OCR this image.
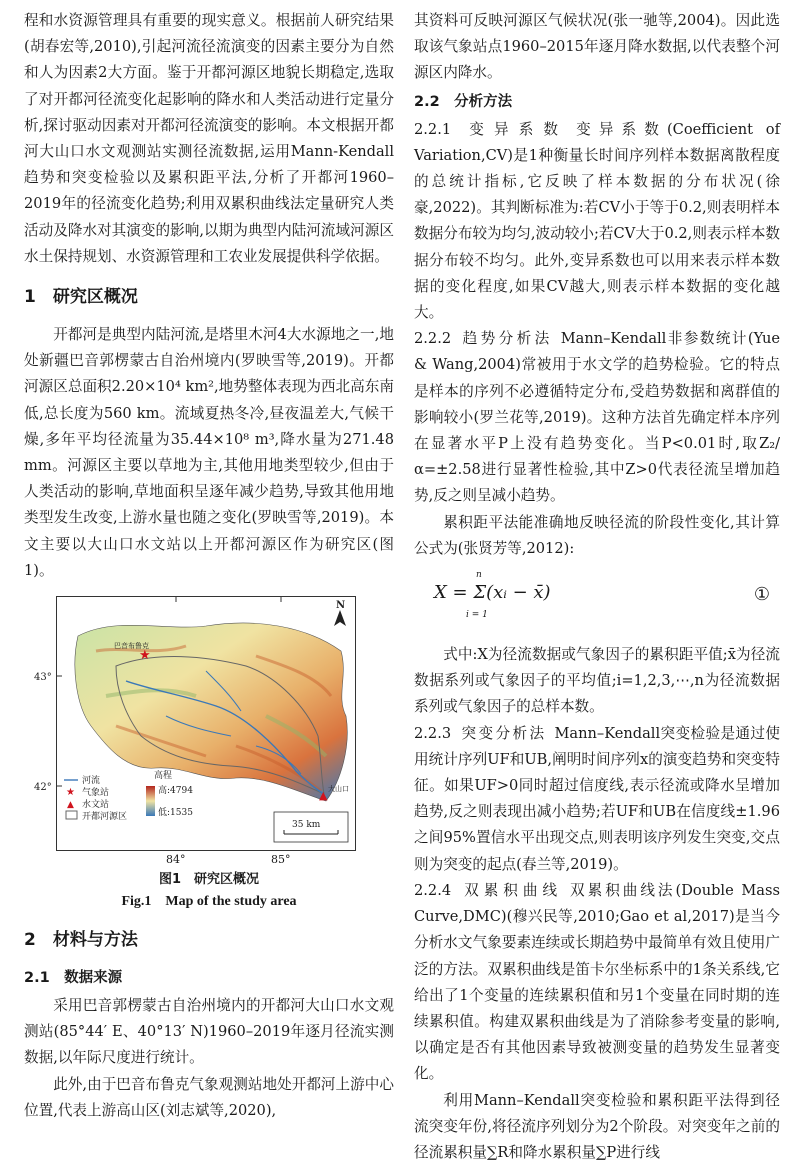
程和水资源管理具有重要的现实意义。根据前人研究结果(胡春宏等,2010),引起河流径流演变的因素主要分为自然和人为因素2大方面。鉴于开都河源区地貌长期稳定,选取了对开都河径流变化起影响的降水和人类活动进行定量分析,探讨驱动因素对开都河径流演变的影响。本文根据开都河大山口水文观测站实测径流数据,运用Mann-Kendall趋势和突变检验以及累积距平法,分析了开都河1960–2019年的径流变化趋势;利用双累积曲线法定量研究人类活动及降水对其演变的影响,以期为典型内陆河流域河源区水土保持规划、水资源管理和工农业发展提供科学依据。

1　研究区概况

开都河是典型内陆河流,是塔里木河4大水源地之一,地处新疆巴音郭楞蒙古自治州境内(罗映雪等,2019)。开都河源区总面积2.20×10⁴ km²,地势整体表现为西北高东南低,总长度为560 km。流域夏热冬冷,昼夜温差大,气候干燥,多年平均径流量为35.44×10⁸ m³,降水量为271.48 mm。河源区主要以草地为主,其他用地类型较少,但由于人类活动的影响,草地面积呈逐年减少趋势,导致其他用地类型发生改变,上游水量也随之变化(罗映雪等,2019)。本文主要以大山口水文站以上开都河源区作为研究区(图1)。

★
巴音布鲁克
▲ 大山口
43°
42°
N
河流
★ 气象站
▲ 水文站
开都河源区
高程
高:4794
低:1535
35 km
84°	85°
图1　研究区概况
Fig.1　Map of the study area
2　材料与方法
2.1　数据来源

采用巴音郭楞蒙古自治州境内的开都河大山口水文观测站(85°44′ E、40°13′ N)1960–2019年逐月径流实测数据,以年际尺度进行统计。

此外,由于巴音布鲁克气象观测站地处开都河上游中心位置,代表上游高山区(刘志斌等,2020),

其资料可反映河源区气候状况(张一驰等,2004)。因此选取该气象站点1960–2015年逐月降水数据,以代表整个河源区内降水。

2.2　分析方法

2.2.1 变异系数 变异系数(Coefficient of Variation,CV)是1种衡量长时间序列样本数据离散程度的总统计指标,它反映了样本数据的分布状况(徐豪,2022)。其判断标准为:若CV小于等于0.2,则表明样本数据分布较为均匀,波动较小;若CV大于0.2,则表示样本数据分布较不均匀。此外,变异系数也可以用来表示样本数据的变化程度,如果CV越大,则表示样本数据的变化越大。

2.2.2 趋势分析法 Mann–Kendall非参数统计(Yue & Wang,2004)常被用于水文学的趋势检验。它的特点是样本的序列不必遵循特定分布,受趋势数据和离群值的影响较小(罗兰花等,2019)。这种方法首先确定样本序列在显著水平P上没有趋势变化。当P<0.01时,取Z₂/α=±2.58进行显著性检验,其中Z>0代表径流呈增加趋势,反之则呈减小趋势。

累积距平法能准确地反映径流的阶段性变化,其计算公式为(张贤芳等,2012):

X = Σ(xᵢ − x̄)
n
i = 1
①

式中:X为径流数据或气象因子的累积距平值;x̄为径流数据系列或气象因子的平均值;i=1,2,3,⋯,n为径流数据系列或气象因子的总样本数。

2.2.3 突变分析法 Mann–Kendall突变检验是通过使用统计序列UF和UB,阐明时间序列x的演变趋势和突变特征。如果UF>0同时超过信度线,表示径流或降水呈增加趋势,反之则表现出减小趋势;若UF和UB在信度线±1.96之间95%置信水平出现交点,则表明该序列发生突变,交点则为突变的起点(春兰等,2019)。

2.2.4 双累积曲线 双累积曲线法(Double Mass Curve,DMC)(穆兴民等,2010;Gao et al,2017)是当今分析水文气象要素连续或长期趋势中最简单有效且使用广泛的方法。双累积曲线是笛卡尔坐标系中的1条关系线,它给出了1个变量的连续累积值和另1个变量在同时期的连续累积值。构建双累积曲线是为了消除参考变量的影响,以确定是否有其他因素导致被测变量的趋势发生显著变化。

利用Mann–Kendall突变检验和累积距平法得到径流突变年份,将径流序列划分为2个阶段。对突变年之前的径流累积量∑R和降水累积量∑P进行线
